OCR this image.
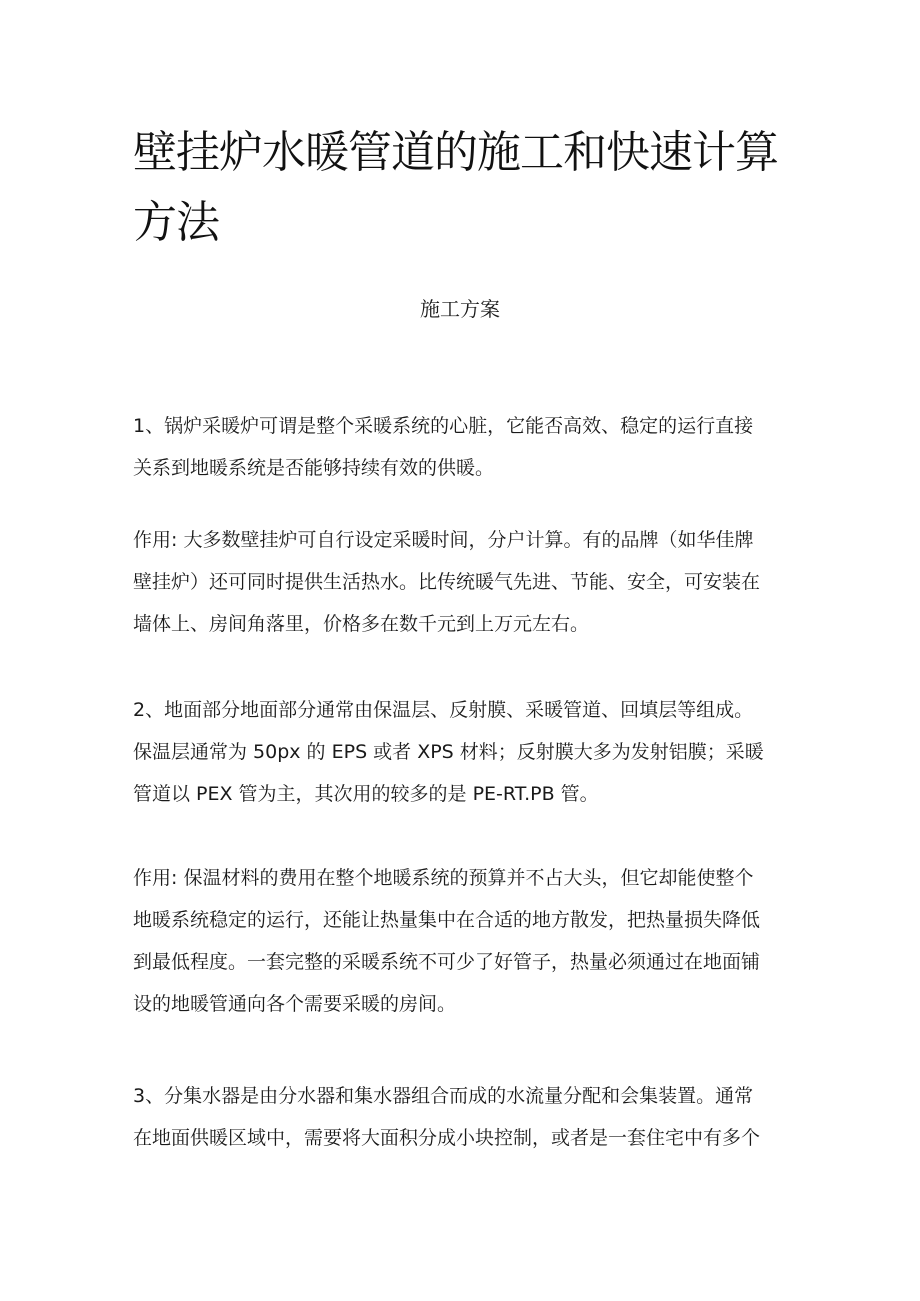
壁挂炉水暖管道的施工和快速计算
方法
施工方案

1、锅炉采暖炉可谓是整个采暖系统的心脏，它能否高效、稳定的运行直接
关系到地暖系统是否能够持续有效的供暖。

作用: 大多数壁挂炉可自行设定采暖时间，分户计算。有的品牌（如华佳牌
壁挂炉）还可同时提供生活热水。比传统暖气先进、节能、安全，可安装在
墙体上、房间角落里，价格多在数千元到上万元左右。

2、地面部分地面部分通常由保温层、反射膜、采暖管道、回填层等组成。
保温层通常为 50px 的 EPS 或者 XPS 材料；反射膜大多为发射铝膜；采暖
管道以 PEX 管为主，其次用的较多的是 PE-RT.PB 管。

作用: 保温材料的费用在整个地暖系统的预算并不占大头，但它却能使整个
地暖系统稳定的运行，还能让热量集中在合适的地方散发，把热量损失降低
到最低程度。一套完整的采暖系统不可少了好管子，热量必须通过在地面铺
设的地暖管通向各个需要采暖的房间。

3、分集水器是由分水器和集水器组合而成的水流量分配和会集装置。通常
在地面供暖区域中，需要将大面积分成小块控制，或者是一套住宅中有多个
